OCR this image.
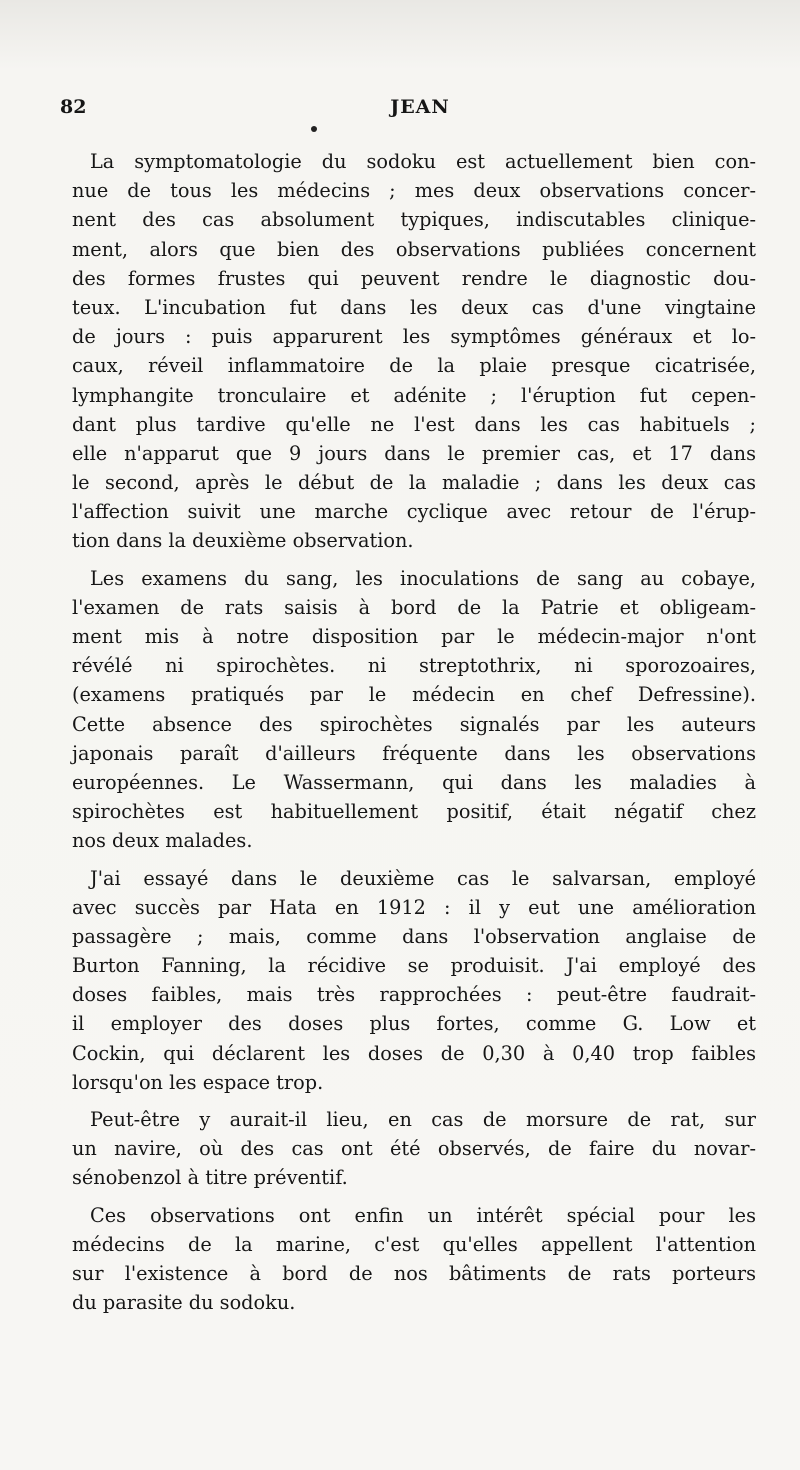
82	JEAN
La symptomatologie du sodoku est actuellement bien con-
nue de tous les médecins ; mes deux observations concer-
nent des cas absolument typiques, indiscutables clinique-
ment, alors que bien des observations publiées concernent
des formes frustes qui peuvent rendre le diagnostic dou-
teux. L'incubation fut dans les deux cas d'une vingtaine
de jours : puis apparurent les symptômes généraux et lo-
caux, réveil inflammatoire de la plaie presque cicatrisée,
lymphangite tronculaire et adénite ; l'éruption fut cepen-
dant plus tardive qu'elle ne l'est dans les cas habituels ;
elle n'apparut que 9 jours dans le premier cas, et 17 dans
le second, après le début de la maladie ; dans les deux cas
l'affection suivit une marche cyclique avec retour de l'érup-
tion dans la deuxième observation.
Les examens du sang, les inoculations de sang au cobaye,
l'examen de rats saisis à bord de la Patrie et obligeam-
ment mis à notre disposition par le médecin-major n'ont
révélé ni spirochètes. ni streptothrix, ni sporozoaires,
(examens pratiqués par le médecin en chef Defressine).
Cette absence des spirochètes signalés par les auteurs
japonais paraît d'ailleurs fréquente dans les observations
européennes. Le Wassermann, qui dans les maladies à
spirochètes est habituellement positif, était négatif chez
nos deux malades.
J'ai essayé dans le deuxième cas le salvarsan, employé
avec succès par Hata en 1912 : il y eut une amélioration
passagère ; mais, comme dans l'observation anglaise de
Burton Fanning, la récidive se produisit. J'ai employé des
doses faibles, mais très rapprochées : peut-être faudrait-
il employer des doses plus fortes, comme G. Low et
Cockin, qui déclarent les doses de 0,30 à 0,40 trop faibles
lorsqu'on les espace trop.
Peut-être y aurait-il lieu, en cas de morsure de rat, sur
un navire, où des cas ont été observés, de faire du novar-
sénobenzol à titre préventif.
Ces observations ont enfin un intérêt spécial pour les
médecins de la marine, c'est qu'elles appellent l'attention
sur l'existence à bord de nos bâtiments de rats porteurs
du parasite du sodoku.
